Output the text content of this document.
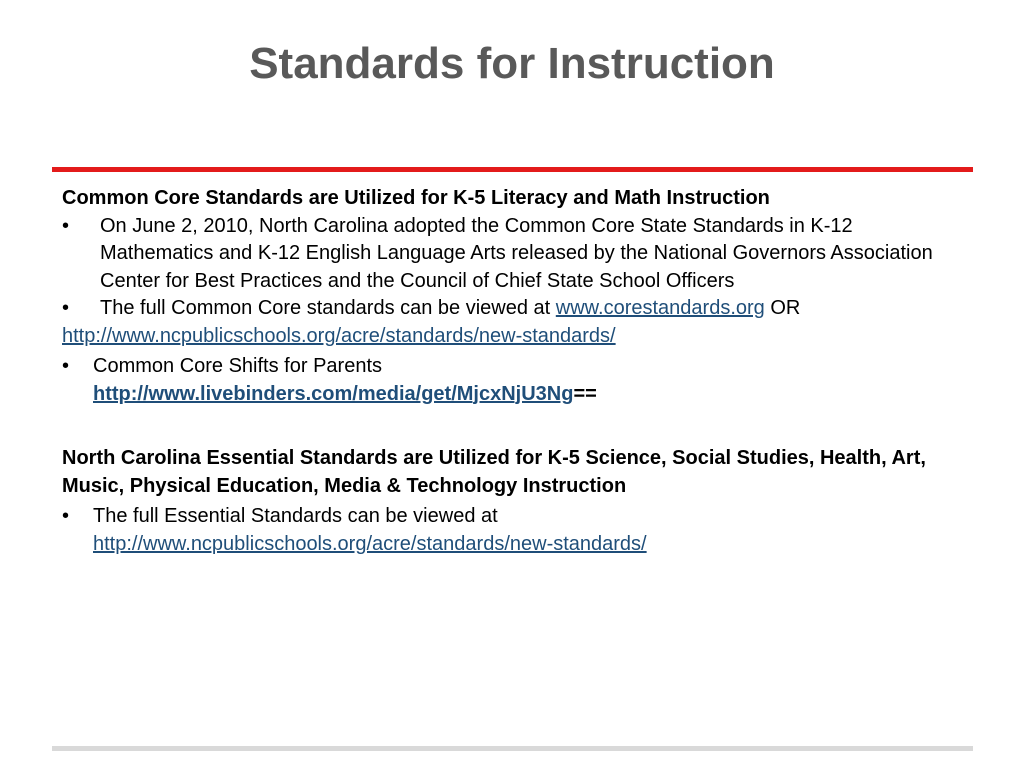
Standards for Instruction

Common Core Standards are Utilized for K-5 Literacy and Math Instruction

• On June 2, 2010, North Carolina adopted the Common Core State Standards in K-12 Mathematics and K-12 English Language Arts released by the National Governors Association Center for Best Practices and the Council of Chief State School Officers
• The full Common Core standards can be viewed at www.corestandards.org OR

http://www.ncpublicschools.org/acre/standards/new-standards/

• Common Core Shifts for Parents
http://www.livebinders.com/media/get/MjcxNjU3Ng==

North Carolina Essential Standards are Utilized for K-5 Science, Social Studies, Health, Art, Music, Physical Education, Media & Technology Instruction

• The full Essential Standards can be viewed at
http://www.ncpublicschools.org/acre/standards/new-standards/
